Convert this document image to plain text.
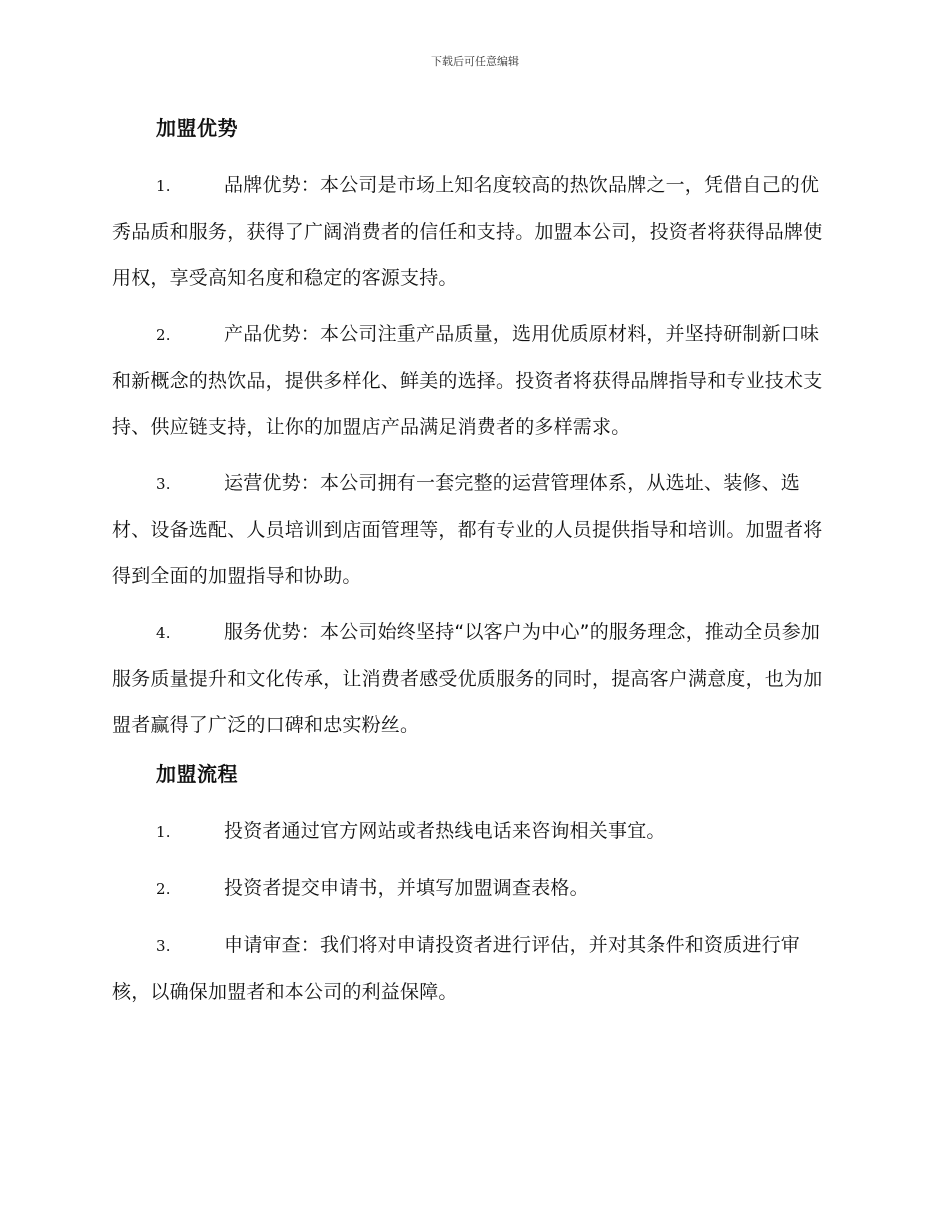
下载后可任意编辑
加盟优势

1.	品牌优势：本公司是市场上知名度较高的热饮品牌之一，凭借自己的优秀品质和服务，获得了广阔消费者的信任和支持。加盟本公司，投资者将获得品牌使用权，享受高知名度和稳定的客源支持。

2.	产品优势：本公司注重产品质量，选用优质原材料，并坚持研制新口味和新概念的热饮品，提供多样化、鲜美的选择。投资者将获得品牌指导和专业技术支持、供应链支持，让你的加盟店产品满足消费者的多样需求。

3.	运营优势：本公司拥有一套完整的运营管理体系，从选址、装修、选材、设备选配、人员培训到店面管理等，都有专业的人员提供指导和培训。加盟者将得到全面的加盟指导和协助。

4.	服务优势：本公司始终坚持“以客户为中心”的服务理念，推动全员参加服务质量提升和文化传承，让消费者感受优质服务的同时，提高客户满意度，也为加盟者赢得了广泛的口碑和忠实粉丝。

加盟流程

1.	投资者通过官方网站或者热线电话来咨询相关事宜。

2.	投资者提交申请书，并填写加盟调查表格。

3.	申请审查：我们将对申请投资者进行评估，并对其条件和资质进行审核，以确保加盟者和本公司的利益保障。
